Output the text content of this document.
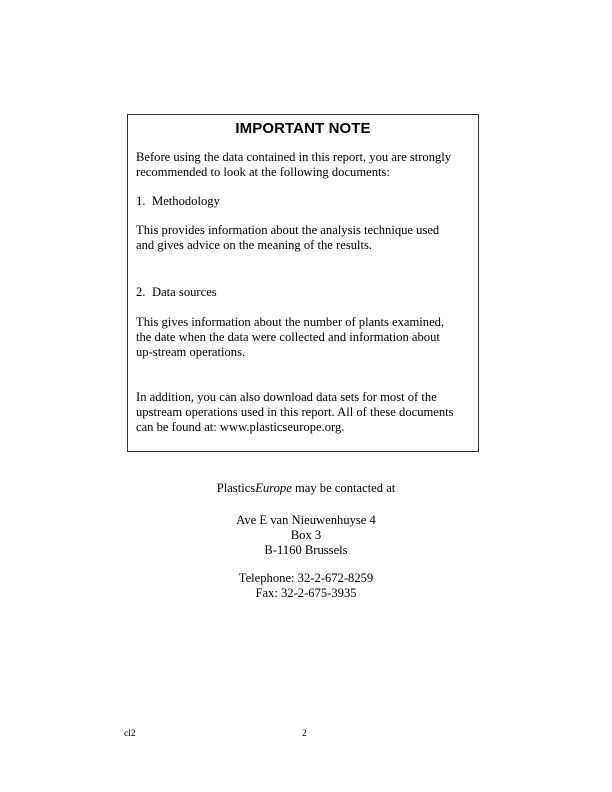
IMPORTANT NOTE

Before using the data contained in this report, you are strongly
recommended to look at the following documents:

1. Methodology

This provides information about the analysis technique used
and gives advice on the meaning of the results.

2. Data sources

This gives information about the number of plants examined,
the date when the data were collected and information about
up-stream operations.

In addition, you can also download data sets for most of the
upstream operations used in this report. All of these documents
can be found at: www.plasticseurope.org.

PlasticsEurope may be contacted at

Ave E van Nieuwenhuyse 4

Box 3

B-1160 Brussels

Telephone: 32-2-672-8259

Fax: 32-2-675-3935

cl2	2
